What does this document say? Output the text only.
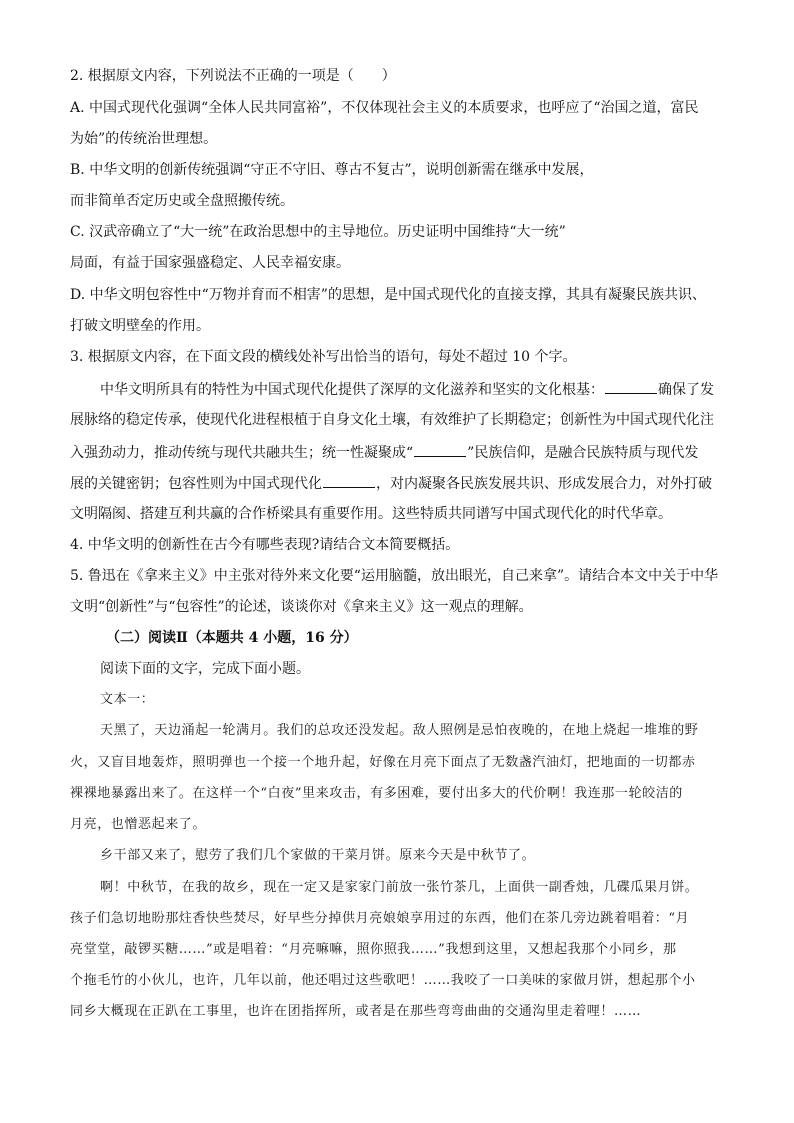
2. 根据原文内容，下列说法不正确的一项是（　　）
A. 中国式现代化强调“全体人民共同富裕”，不仅体现社会主义的本质要求，也呼应了“治国之道，富民
为始”的传统治世理想。
B. 中华文明的创新传统强调“守正不守旧、尊古不复古”，说明创新需在继承中发展，
而非简单否定历史或全盘照搬传统。
C. 汉武帝确立了“大一统”在政治思想中的主导地位。历史证明中国维持“大一统”
局面，有益于国家强盛稳定、人民幸福安康。
D. 中华文明包容性中“万物并育而不相害”的思想，是中国式现代化的直接支撑，其具有凝聚民族共识、
打破文明壁垒的作用。
3. 根据原文内容，在下面文段的横线处补写出恰当的语句，每处不超过 10 个字。
中华文明所具有的特性为中国式现代化提供了深厚的文化滋养和坚实的文化根基：	确保了发
展脉络的稳定传承，使现代化进程根植于自身文化土壤，有效维护了长期稳定；创新性为中国式现代化注
入强劲动力，推动传统与现代共融共生；统一性凝聚成“	”民族信仰，是融合民族特质与现代发
展的关键密钥；包容性则为中国式现代化	，对内凝聚各民族发展共识、形成发展合力，对外打破
文明隔阂、搭建互利共赢的合作桥梁具有重要作用。这些特质共同谱写中国式现代化的时代华章。
4. 中华文明的创新性在古今有哪些表现?请结合文本简要概括。
5. 鲁迅在《拿来主义》中主张对待外来文化要“运用脑髓，放出眼光，自己来拿”。请结合本文中关于中华
文明“创新性”与“包容性”的论述，谈谈你对《拿来主义》这一观点的理解。
（二）阅读Ⅱ（本题共 4 小题，16 分）
阅读下面的文字，完成下面小题。
文本一：
天黑了，天边涌起一轮满月。我们的总攻还没发起。敌人照例是忌怕夜晚的，在地上烧起一堆堆的野
火，又盲目地轰炸，照明弹也一个接一个地升起，好像在月亮下面点了无数盏汽油灯，把地面的一切都赤
裸裸地暴露出来了。在这样一个“白夜”里来攻击，有多困难，要付出多大的代价啊！我连那一轮皎洁的
月亮，也憎恶起来了。
乡干部又来了，慰劳了我们几个家做的干菜月饼。原来今天是中秋节了。
啊！中秋节，在我的故乡，现在一定又是家家门前放一张竹茶几，上面供一副香烛，几碟瓜果月饼。
孩子们急切地盼那炷香快些焚尽，好早些分掉供月亮娘娘享用过的东西，他们在茶几旁边跳着唱着：“月
亮堂堂，敲锣买糖……”或是唱着：“月亮嘛嘛，照你照我……”我想到这里，又想起我那个小同乡，那
个拖毛竹的小伙儿，也许，几年以前，他还唱过这些歌吧！……我咬了一口美味的家做月饼，想起那个小
同乡大概现在正趴在工事里，也许在团指挥所，或者是在那些弯弯曲曲的交通沟里走着哩！……
